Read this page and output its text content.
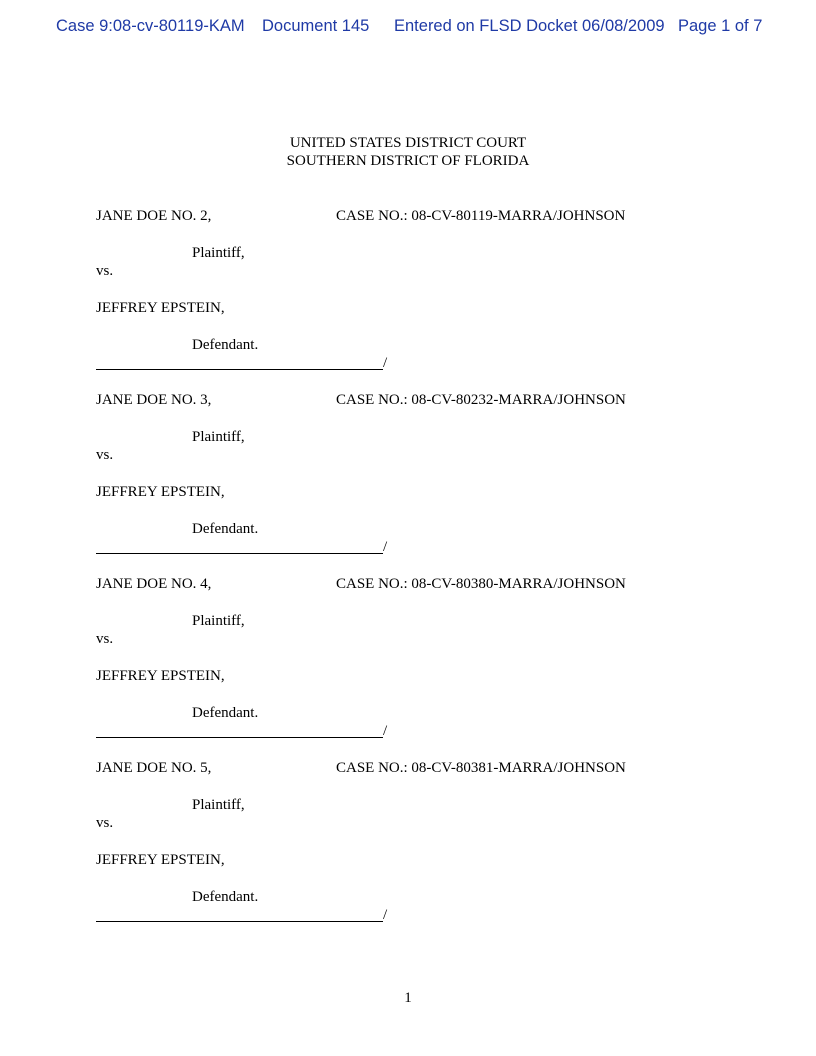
Case 9:08-cv-80119-KAM Document 145 Entered on FLSD Docket 06/08/2009 Page 1 of 7
UNITED STATES DISTRICT COURT
SOUTHERN DISTRICT OF FLORIDA
JANE DOE NO. 2,	CASE NO.: 08-CV-80119-MARRA/JOHNSON
Plaintiff,
vs.
JEFFREY EPSTEIN,
Defendant.
/
JANE DOE NO. 3,	CASE NO.: 08-CV-80232-MARRA/JOHNSON
Plaintiff,
vs.
JEFFREY EPSTEIN,
Defendant.
/
JANE DOE NO. 4,	CASE NO.: 08-CV-80380-MARRA/JOHNSON
Plaintiff,
vs.
JEFFREY EPSTEIN,
Defendant.
/
JANE DOE NO. 5,	CASE NO.: 08-CV-80381-MARRA/JOHNSON
Plaintiff,
vs.
JEFFREY EPSTEIN,
Defendant.
/
1
